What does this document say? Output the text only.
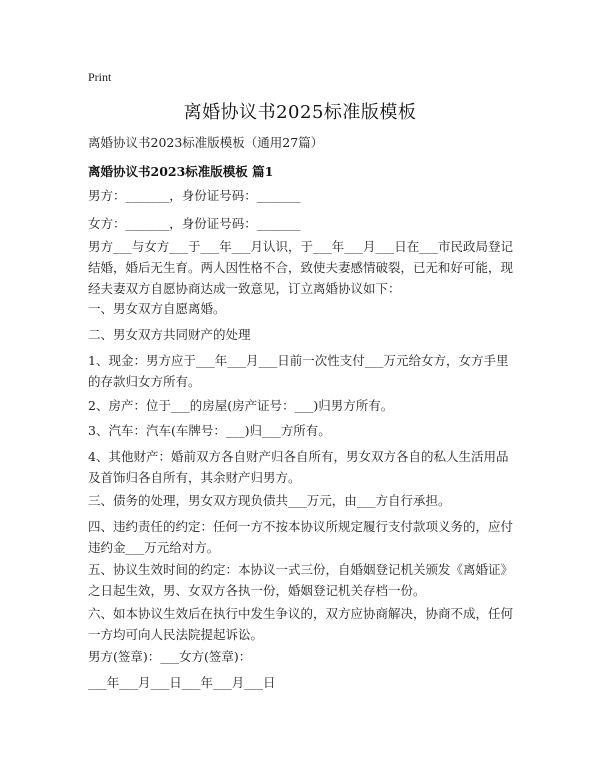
Print
离婚协议书2025标准版模板
离婚协议书2023标准版模板（通用27篇）
离婚协议书2023标准版模板 篇1
男方：_______，身份证号码：_______
女方：_______，身份证号码：_______
男方___与女方___于___年___月认识，于___年___月___日在___市民政局登记结婚，婚后无生育。两人因性格不合，致使夫妻感情破裂，已无和好可能，现经夫妻双方自愿协商达成一致意见，订立离婚协议如下：
一、男女双方自愿离婚。
二、男女双方共同财产的处理
1、现金：男方应于___年___月___日前一次性支付___万元给女方，女方手里的存款归女方所有。
2、房产：位于___的房屋(房产证号：___)归男方所有。
3、汽车：汽车(车牌号：___)归___方所有。
4、其他财产：婚前双方各自财产归各自所有，男女双方各自的私人生活用品及首饰归各自所有，其余财产归男方。
三、债务的处理，男女双方现负债共___万元，由___方自行承担。
四、违约责任的约定：任何一方不按本协议所规定履行支付款项义务的，应付违约金___万元给对方。
五、协议生效时间的约定：本协议一式三份，自婚姻登记机关颁发《离婚证》之日起生效，男、女双方各执一份，婚姻登记机关存档一份。
六、如本协议生效后在执行中发生争议的，双方应协商解决，协商不成，任何一方均可向人民法院提起诉讼。
男方(签章)：___女方(签章)：
___年___月___日___年___月___日
